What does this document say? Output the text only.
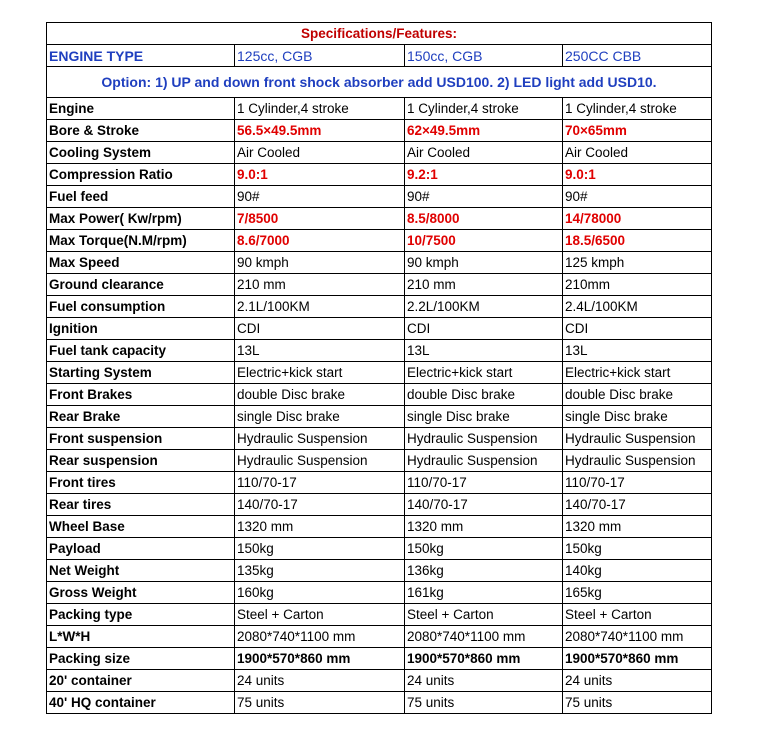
Specifications/Features:			
ENGINE TYPE	125cc, CGB	150cc, CGB	250CC CBB
Option: 1) UP and down front shock absorber add USD100. 2) LED light add USD10.			
Engine	1 Cylinder,4 stroke	1 Cylinder,4 stroke	1 Cylinder,4 stroke
Bore & Stroke	56.5×49.5mm	62×49.5mm	70×65mm
Cooling System	Air Cooled	Air Cooled	Air Cooled
Compression Ratio	9.0:1	9.2:1	9.0:1
Fuel feed	90#	90#	90#
Max Power( Kw/rpm)	7/8500	8.5/8000	14/78000
Max Torque(N.M/rpm)	8.6/7000	10/7500	18.5/6500
Max Speed	90 kmph	90 kmph	125 kmph
Ground clearance	210 mm	210 mm	210mm
Fuel consumption	2.1L/100KM	2.2L/100KM	2.4L/100KM
Ignition	CDI	CDI	CDI
Fuel tank capacity	13L	13L	13L
Starting System	Electric+kick start	Electric+kick start	Electric+kick start
Front Brakes	double Disc brake	double Disc brake	double Disc brake
Rear Brake	single Disc brake	single Disc brake	single Disc brake
Front suspension	Hydraulic Suspension	Hydraulic Suspension	Hydraulic Suspension
Rear suspension	Hydraulic Suspension	Hydraulic Suspension	Hydraulic Suspension
Front tires	110/70-17	110/70-17	110/70-17
Rear tires	140/70-17	140/70-17	140/70-17
Wheel Base	1320 mm	1320 mm	1320 mm
Payload	150kg	150kg	150kg
Net Weight	135kg	136kg	140kg
Gross Weight	160kg	161kg	165kg
Packing type	Steel + Carton	Steel + Carton	Steel + Carton
L*W*H	2080*740*1100 mm	2080*740*1100 mm	2080*740*1100 mm
Packing size	1900*570*860 mm	1900*570*860 mm	1900*570*860 mm
20' container	24 units	24 units	24 units
40' HQ container	75 units	75 units	75 units
